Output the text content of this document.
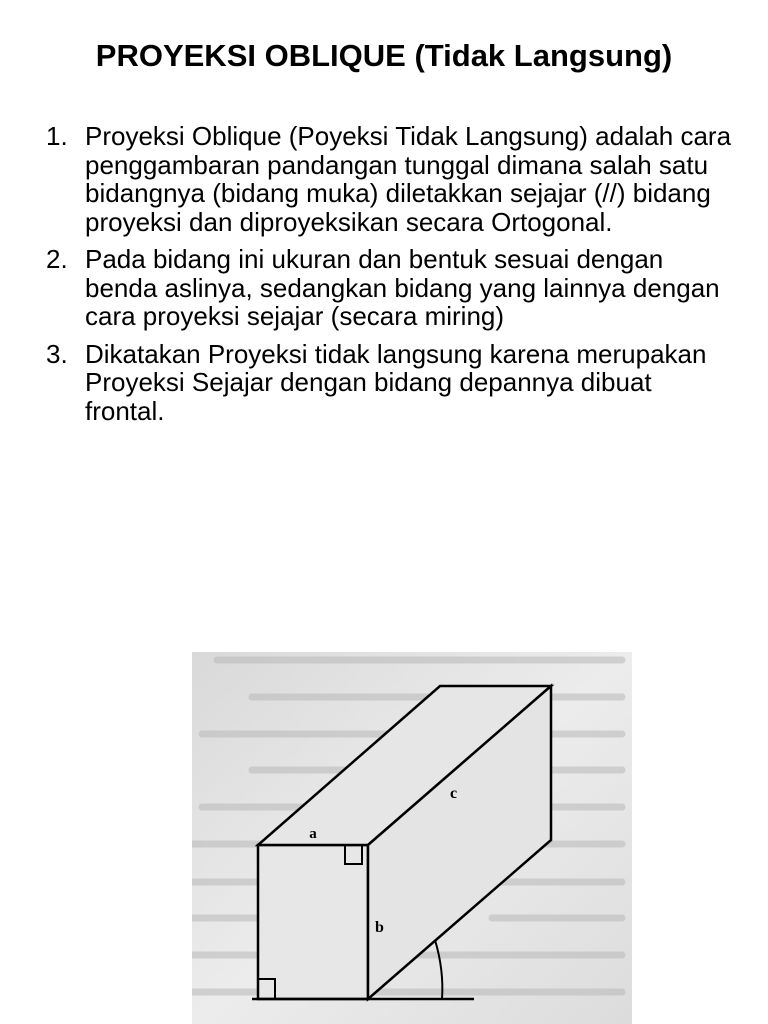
PROYEKSI OBLIQUE (Tidak Langsung)
1. Proyeksi Oblique (Poyeksi Tidak Langsung) adalah cara penggambaran pandangan tunggal dimana salah satu bidangnya (bidang muka) diletakkan sejajar (//) bidang proyeksi dan diproyeksikan secara Ortogonal.
2. Pada bidang ini ukuran dan bentuk sesuai dengan benda aslinya, sedangkan bidang yang lainnya dengan cara proyeksi sejajar (secara miring)
3. Dikatakan Proyeksi tidak langsung karena merupakan Proyeksi Sejajar dengan bidang depannya dibuat frontal.
a
b
c
